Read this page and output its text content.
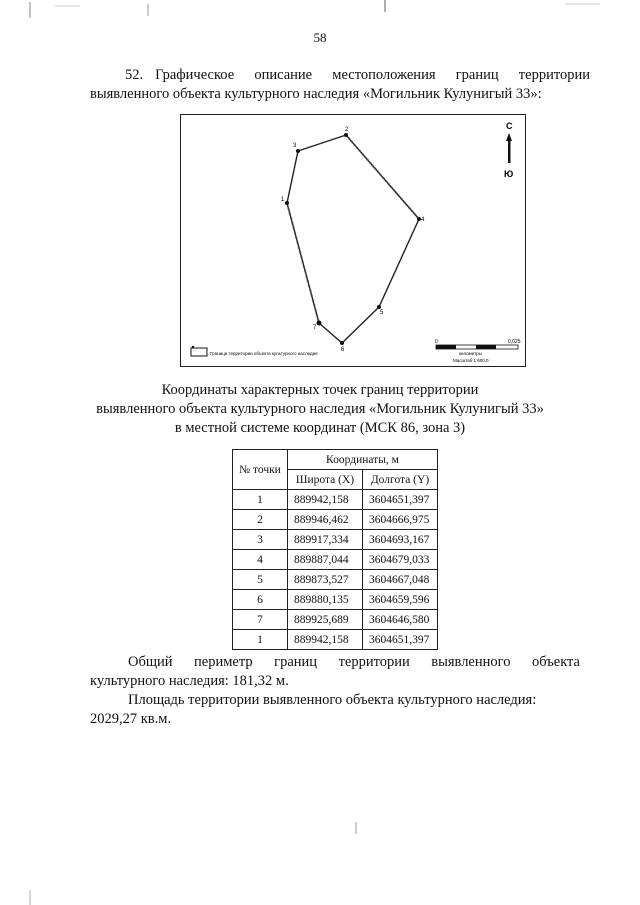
58
52. Графическое описание местоположения границ территории
выявленного объекта культурного наследия «Могильник Кулунигый 33»:
2
3
1
4
5
6
7
С
Ю
0	0,025
километры
Масштаб 1:600,0
Граница территории объекта культурного наследия
Координаты характерных точек границ территории
выявленного объекта культурного наследия «Могильник Кулунигый 33»
в местной системе координат (МСК 86, зона 3)
№ точки	Координаты, м	
	Широта (X)	Долгота (Y)
1	889942,158	3604651,397
2	889946,462	3604666,975
3	889917,334	3604693,167
4	889887,044	3604679,033
5	889873,527	3604667,048
6	889880,135	3604659,596
7	889925,689	3604646,580
1	889942,158	3604651,397

Общий периметр границ территории выявленного объекта

культурного наследия: 181,32 м.

Площадь территории выявленного объекта культурного наследия:

2029,27 кв.м.
